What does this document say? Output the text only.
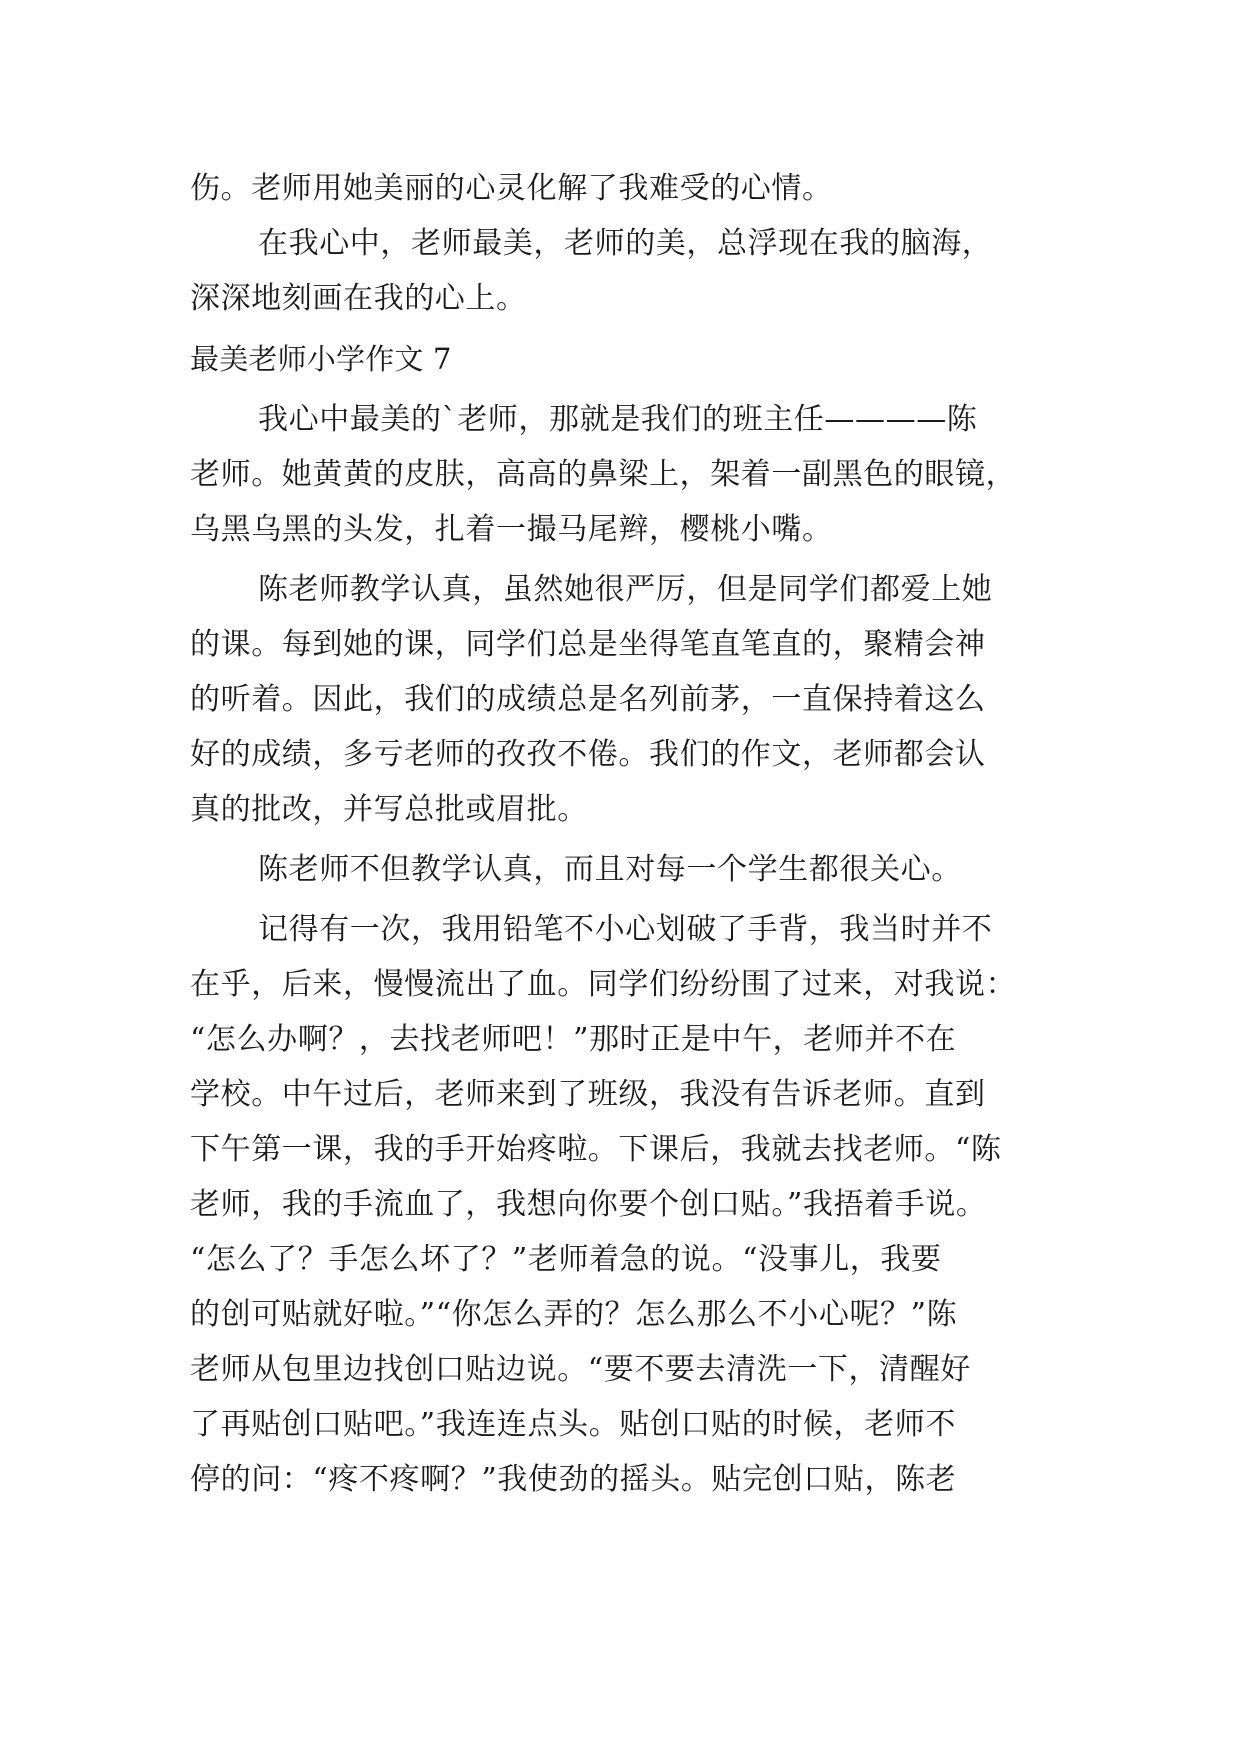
伤。老师用她美丽的心灵化解了我难受的心情。
在我心中，老师最美，老师的美，总浮现在我的脑海，
深深地刻画在我的心上。
最美老师小学作文 7
我心中最美的`老师，那就是我们的班主任————陈
老师。她黄黄的皮肤，高高的鼻梁上，架着一副黑色的眼镜，
乌黑乌黑的头发，扎着一撮马尾辫，樱桃小嘴。
陈老师教学认真，虽然她很严厉，但是同学们都爱上她
的课。每到她的课，同学们总是坐得笔直笔直的，聚精会神
的听着。因此，我们的成绩总是名列前茅，一直保持着这么
好的成绩，多亏老师的孜孜不倦。我们的作文，老师都会认
真的批改，并写总批或眉批。
陈老师不但教学认真，而且对每一个学生都很关心。
记得有一次，我用铅笔不小心划破了手背，我当时并不
在乎，后来，慢慢流出了血。同学们纷纷围了过来，对我说：
“怎么办啊？，去找老师吧！”那时正是中午，老师并不在
学校。中午过后，老师来到了班级，我没有告诉老师。直到
下午第一课，我的手开始疼啦。下课后，我就去找老师。“陈
老师，我的手流血了，我想向你要个创口贴。”我捂着手说。
“怎么了？手怎么坏了？”老师着急的说。“没事儿，我要
的创可贴就好啦。”“你怎么弄的？怎么那么不小心呢？”陈
老师从包里边找创口贴边说。“要不要去清洗一下，清醒好
了再贴创口贴吧。”我连连点头。贴创口贴的时候，老师不
停的问：“疼不疼啊？”我使劲的摇头。贴完创口贴，陈老
